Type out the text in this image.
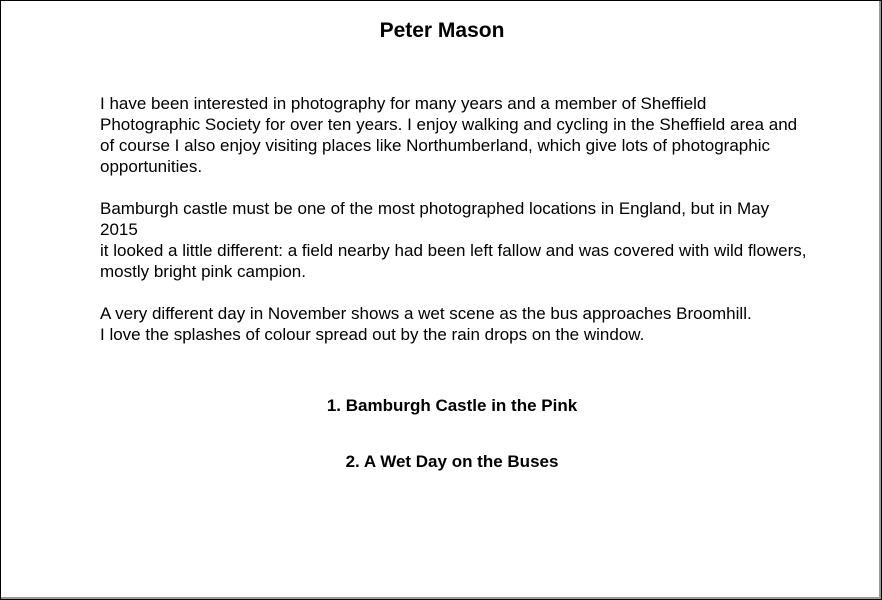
Peter Mason

I have been interested in photography for many years and a member of Sheffield
Photographic Society for over ten years. I enjoy walking and cycling in the Sheffield area and
of course I also enjoy visiting places like Northumberland, which give lots of photographic
opportunities.

Bamburgh castle must be one of the most photographed locations in England, but in May
2015
it looked a little different: a field nearby had been left fallow and was covered with wild flowers,
mostly bright pink campion.

A very different day in November shows a wet scene as the bus approaches Broomhill.
I love the splashes of colour spread out by the rain drops on the window.

1. Bamburgh Castle in the Pink

2. A Wet Day on the Buses
